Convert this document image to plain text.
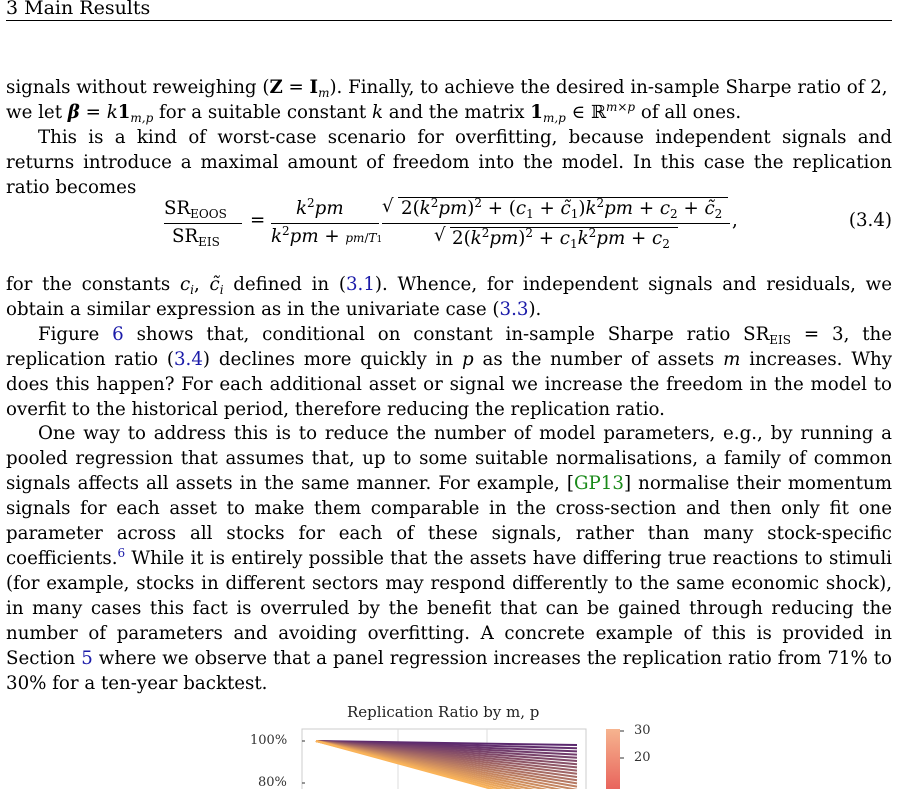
3 Main Results

signals without reweighing $(Z = I_m)$. Finally, to achieve the desired in-sample Sharpe ratio of 2,

we let $\beta = k1_{m,p}$ for a suitable constant k and the matrix $1_{m,p}$ ∈ ℝ$^{m\times p}$ of all ones.

This is a kind of worst-case scenario for overfitting, because independent signals and returns introduce a maximal amount of freedom into the model. In this case the replication ratio becomes

$SR_{EOOS}$
$SR_{EIS}$
=
$k^2pm$
$k^2pm + pm/T1$
√ $2(k^2pm)^2 + (c_1$ + $c̃_1)k^2pm + c_2$ + $c̃_2$
√ $2(k^2pm)^2 + c_1k^2pm + c_2$
,	(3.4)

for the constants $c_i$, $c̃_i$ defined in (3.1). Whence, for independent signals and residuals, we obtain a similar expression as in the univariate case (3.3).

Figure 6 shows that, conditional on constant in-sample Sharpe ratio $SR_{EIS} = 3$, the replication ratio (3.4) declines more quickly in p as the number of assets m increases. Why does this happen? For each additional asset or signal we increase the freedom in the model to overfit to the historical period, therefore reducing the replication ratio.

One way to address this is to reduce the number of model parameters, e.g., by running a pooled regression that assumes that, up to some suitable normalisations, a family of common signals affects all assets in the same manner. For example, [GP13] normalise their momentum signals for each asset to make them comparable in the cross-section and then only fit one parameter across all stocks for each of these signals, rather than many stock-specific coefficients.$^6$ While it is entirely possible that the assets have differing true reactions to stimuli (for example, stocks in different sectors may respond differently to the same economic shock), in many cases this fact is overruled by the benefit that can be gained through reducing the number of parameters and avoiding overfitting. A concrete example of this is provided in Section 5 where we observe that a panel regression increases the replication ratio from 71% to 30% for a ten-year backtest.

Replication Ratio by m, p
100%
80%
30
20
